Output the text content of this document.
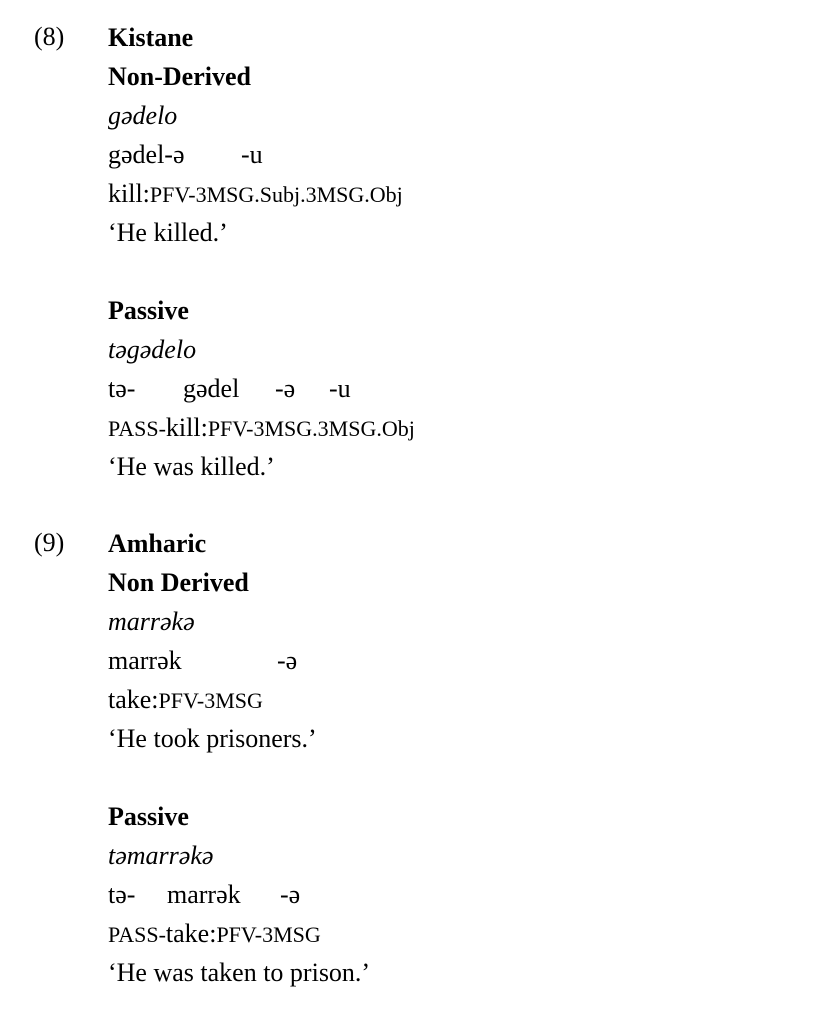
(8) Kistane
Non-Derived
gədelo
gədel-ə -u
kill:PFV-3MSG.Subj.3MSG.Obj
‘He killed.’
Passive
təgədelo
tə- gədel -ə -u
PASS-kill:PFV-3MSG.3MSG.Obj
‘He was killed.’
(9) Amharic
Non Derived
marrəkə
marrək	-ə
take:PFV-3MSG
‘He took prisoners.’
Passive
təmarrəkə
tə- marrək -ə
PASS-take:PFV-3MSG
‘He was taken to prison.’
